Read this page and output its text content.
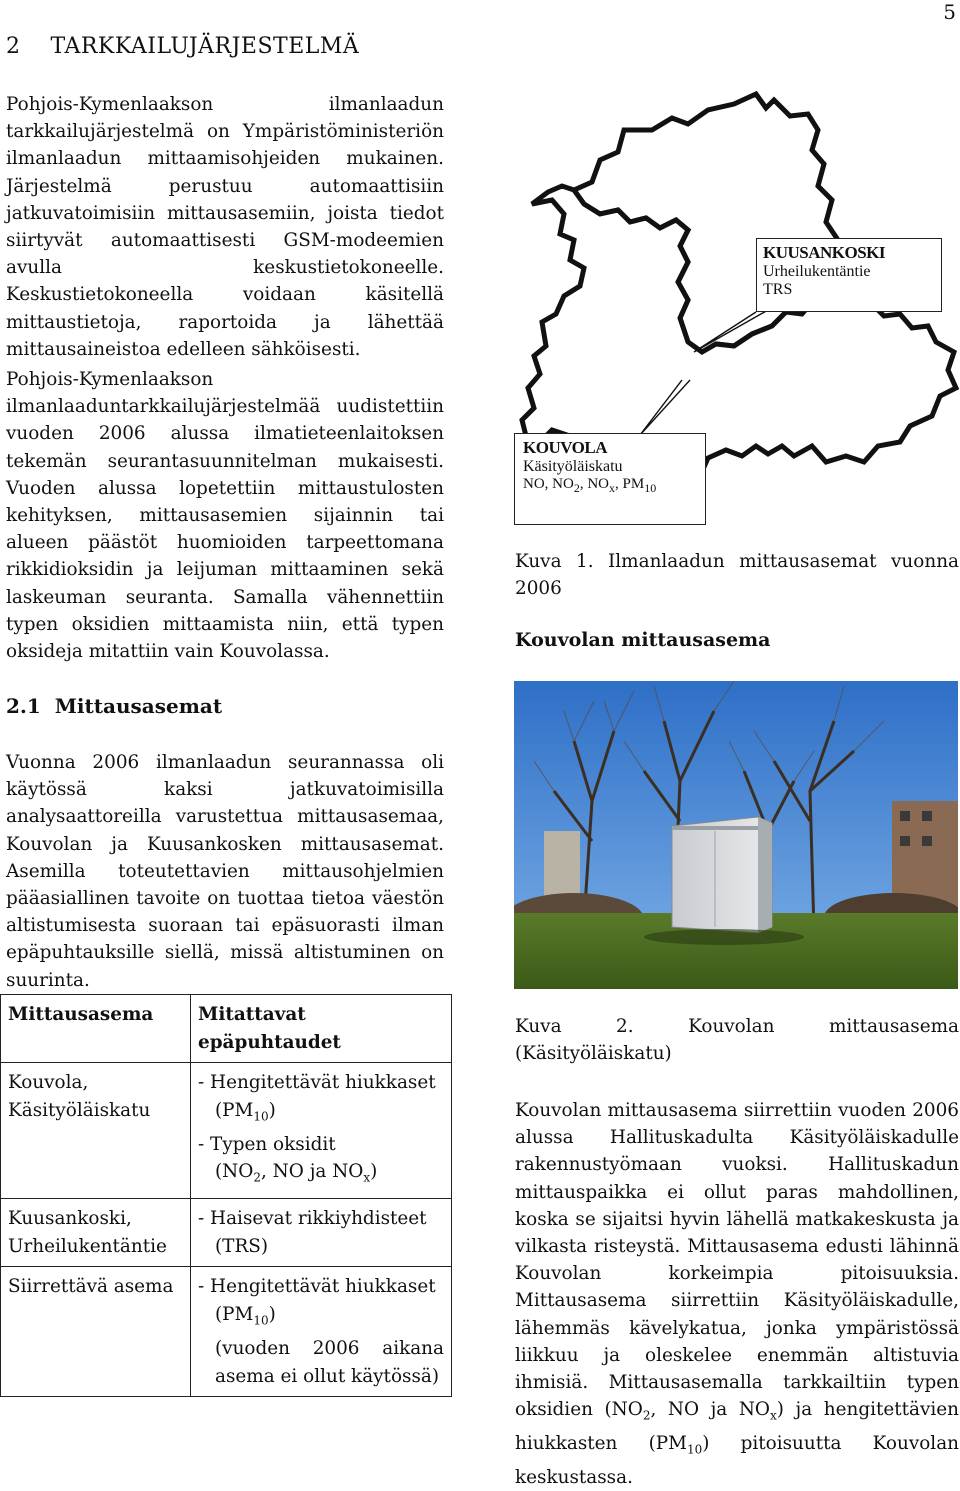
5
2 TARKKAILUJÄRJESTELMÄ

Pohjois-Kymenlaakson ilmanlaadun tarkkailujärjestelmä on Ympäristöministeriön ilmanlaadun mittaamisohjeiden mukainen. Järjestelmä perustuu automaattisiin jatkuvatoimisiin mittausasemiin, joista tiedot siirtyvät automaattisesti GSM-modeemien avulla keskustietokoneelle. Keskustietokoneella voidaan käsitellä mittaustietoja, raportoida ja lähettää mittausaineistoa edelleen sähköisesti.

Pohjois-Kymenlaakson ilmanlaaduntarkkailujärjestelmää uudistettiin vuoden 2006 alussa ilmatieteenlaitoksen tekemän seurantasuunnitelman mukaisesti. Vuoden alussa lopetettiin mittaustulosten kehityksen, mittausasemien sijainnin tai alueen päästöt huomioiden tarpeettomana rikkidioksidin ja leijuman mittaaminen sekä laskeuman seuranta. Samalla vähennettiin typen oksidien mittaamista niin, että typen oksideja mitattiin vain Kouvolassa.

2.1 Mittausasemat

Vuonna 2006 ilmanlaadun seurannassa oli käytössä kaksi jatkuvatoimisilla analysaattoreilla varustettua mittausasemaa, Kouvolan ja Kuusankosken mittausasemat. Asemilla toteutettavien mittausohjelmien pääasiallinen tavoite on tuottaa tietoa väestön altistumisesta suoraan tai epäsuorasti ilman epäpuhtauksille siellä, missä altistuminen on suurinta.

KUUSANKOSKI
Urheilukentäntie
TRS
KOUVOLA
Käsityöläiskatu
NO, $NO_2$, $NO_x$, $PM_{10}$

Kuva 1. Ilmanlaadun mittausasemat vuonna 2006

Kouvolan mittausasema

Kuva 2. Kouvolan mittausasema (Käsityöläiskatu)

Kouvolan mittausasema siirrettiin vuoden 2006 alussa Hallituskadulta Käsityöläiskadulle rakennustyömaan vuoksi. Hallituskadun mittauspaikka ei ollut paras mahdollinen, koska se sijaitsi hyvin lähellä matkakeskusta ja vilkasta risteystä. Mittausasema edusti lähinnä Kouvolan korkeimpia pitoisuuksia. Mittausasema siirrettiin Käsityöläiskadulle, lähemmäs kävelykatua, jonka ympäristössä liikkuu ja oleskelee enemmän altistuvia ihmisiä. Mittausasemalla tarkkailtiin typen oksidien ($NO_2$, NO ja $NO_x$) ja hengitettävien hiukkasten $(PM_{10})$ pitoisuutta Kouvolan keskustassa.

Mittausasema	Mitattavat epäpuhtaudet
Kouvola, Käsityöläiskatu	- Hengitettävät hiukkaset
$(PM_{10})$
- Typen oksidit
($NO_2$, NO ja $NO_x$)

Kuusankoski, Urheilukentäntie	- Haisevat rikkiyhdisteet
(TRS)

Siirrettävä asema	- Hengitettävät hiukkaset
$(PM_{10})$
(vuoden 2006 aikana asema ei ollut käytössä)
